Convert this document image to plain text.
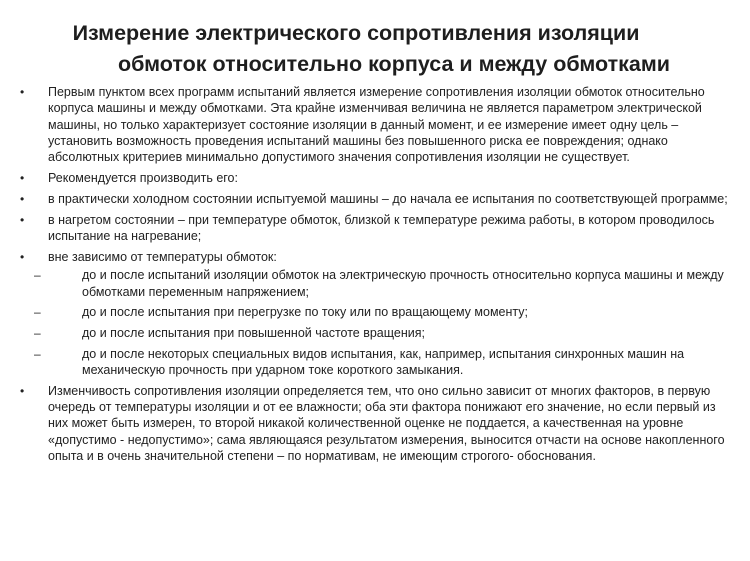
Измерение электрического сопротивления изоляции
обмоток относительно корпуса и между обмотками
• Первым пунктом всех программ испытаний является измерение сопротивления изоляции обмоток относительно корпуса машины и между обмотками. Эта крайне изменчивая величина не является параметром электрической машины, но только характеризует состояние изоляции в данный момент, и ее измерение имеет одну цель – установить возможность проведения испытаний машины без повышенного риска ее повреждения; однако абсолютных критериев минимально допустимого значения сопротивления изоляции не существует.
• Рекомендуется производить его:
• в практически холодном состоянии испытуемой машины – до начала ее испытания по соответствующей программе;
• в нагретом состоянии – при температуре обмоток, близкой к температуре режима работы, в котором проводилось испытание на нагревание;
• вне зависимо от температуры обмоток:
–	до и после испытаний изоляции обмоток на электрическую прочность относительно корпуса машины и между обмотками переменным напряжением;
–	до и после испытания при перегрузке по току или по вращающему моменту;
–	до и после испытания при повышенной частоте вращения;
–	до и после некоторых специальных видов испытания, как, например, испытания синхронных машин на механическую прочность при ударном токе короткого замыкания.
• Изменчивость сопротивления изоляции определяется тем, что оно сильно зависит от многих факторов, в первую очередь от температуры изоляции и от ее влажности; оба эти фактора понижают его значение, но если первый из них может быть измерен, то второй никакой количественной оценке не поддается, а качественная на уровне «допустимо - недопустимо»; сама являющаяся результатом измерения, выносится отчасти на основе накопленного опыта и в очень значительной степени – по нормативам, не имеющим строгого- обоснования.
